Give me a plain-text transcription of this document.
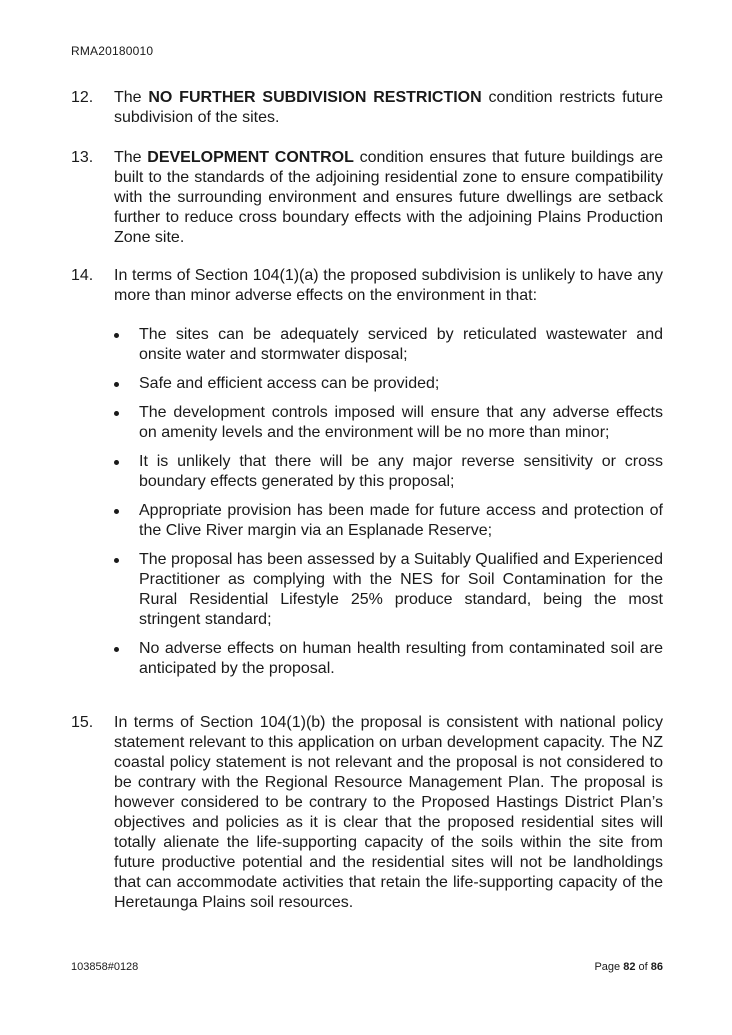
RMA20180010
12.	The NO FURTHER SUBDIVISION RESTRICTION condition restricts future subdivision of the sites.
13.	The DEVELOPMENT CONTROL condition ensures that future buildings are built to the standards of the adjoining residential zone to ensure compatibility with the surrounding environment and ensures future dwellings are setback further to reduce cross boundary effects with the adjoining Plains Production Zone site.
14.	In terms of Section 104(1)(a) the proposed subdivision is unlikely to have any more than minor adverse effects on the environment in that:
The sites can be adequately serviced by reticulated wastewater and onsite water and stormwater disposal;
Safe and efficient access can be provided;
The development controls imposed will ensure that any adverse effects on amenity levels and the environment will be no more than minor;
It is unlikely that there will be any major reverse sensitivity or cross boundary effects generated by this proposal;
Appropriate provision has been made for future access and protection of the Clive River margin via an Esplanade Reserve;
The proposal has been assessed by a Suitably Qualified and Experienced Practitioner as complying with the NES for Soil Contamination for the Rural Residential Lifestyle 25% produce standard, being the most stringent standard;
No adverse effects on human health resulting from contaminated soil are anticipated by the proposal.
15.	In terms of Section 104(1)(b) the proposal is consistent with national policy statement relevant to this application on urban development capacity. The NZ coastal policy statement is not relevant and the proposal is not considered to be contrary with the Regional Resource Management Plan. The proposal is however considered to be contrary to the Proposed Hastings District Plan’s objectives and policies as it is clear that the proposed residential sites will totally alienate the life-supporting capacity of the soils within the site from future productive potential and the residential sites will not be landholdings that can accommodate activities that retain the life-supporting capacity of the Heretaunga Plains soil resources.
103858#0128	Page 82 of 86
